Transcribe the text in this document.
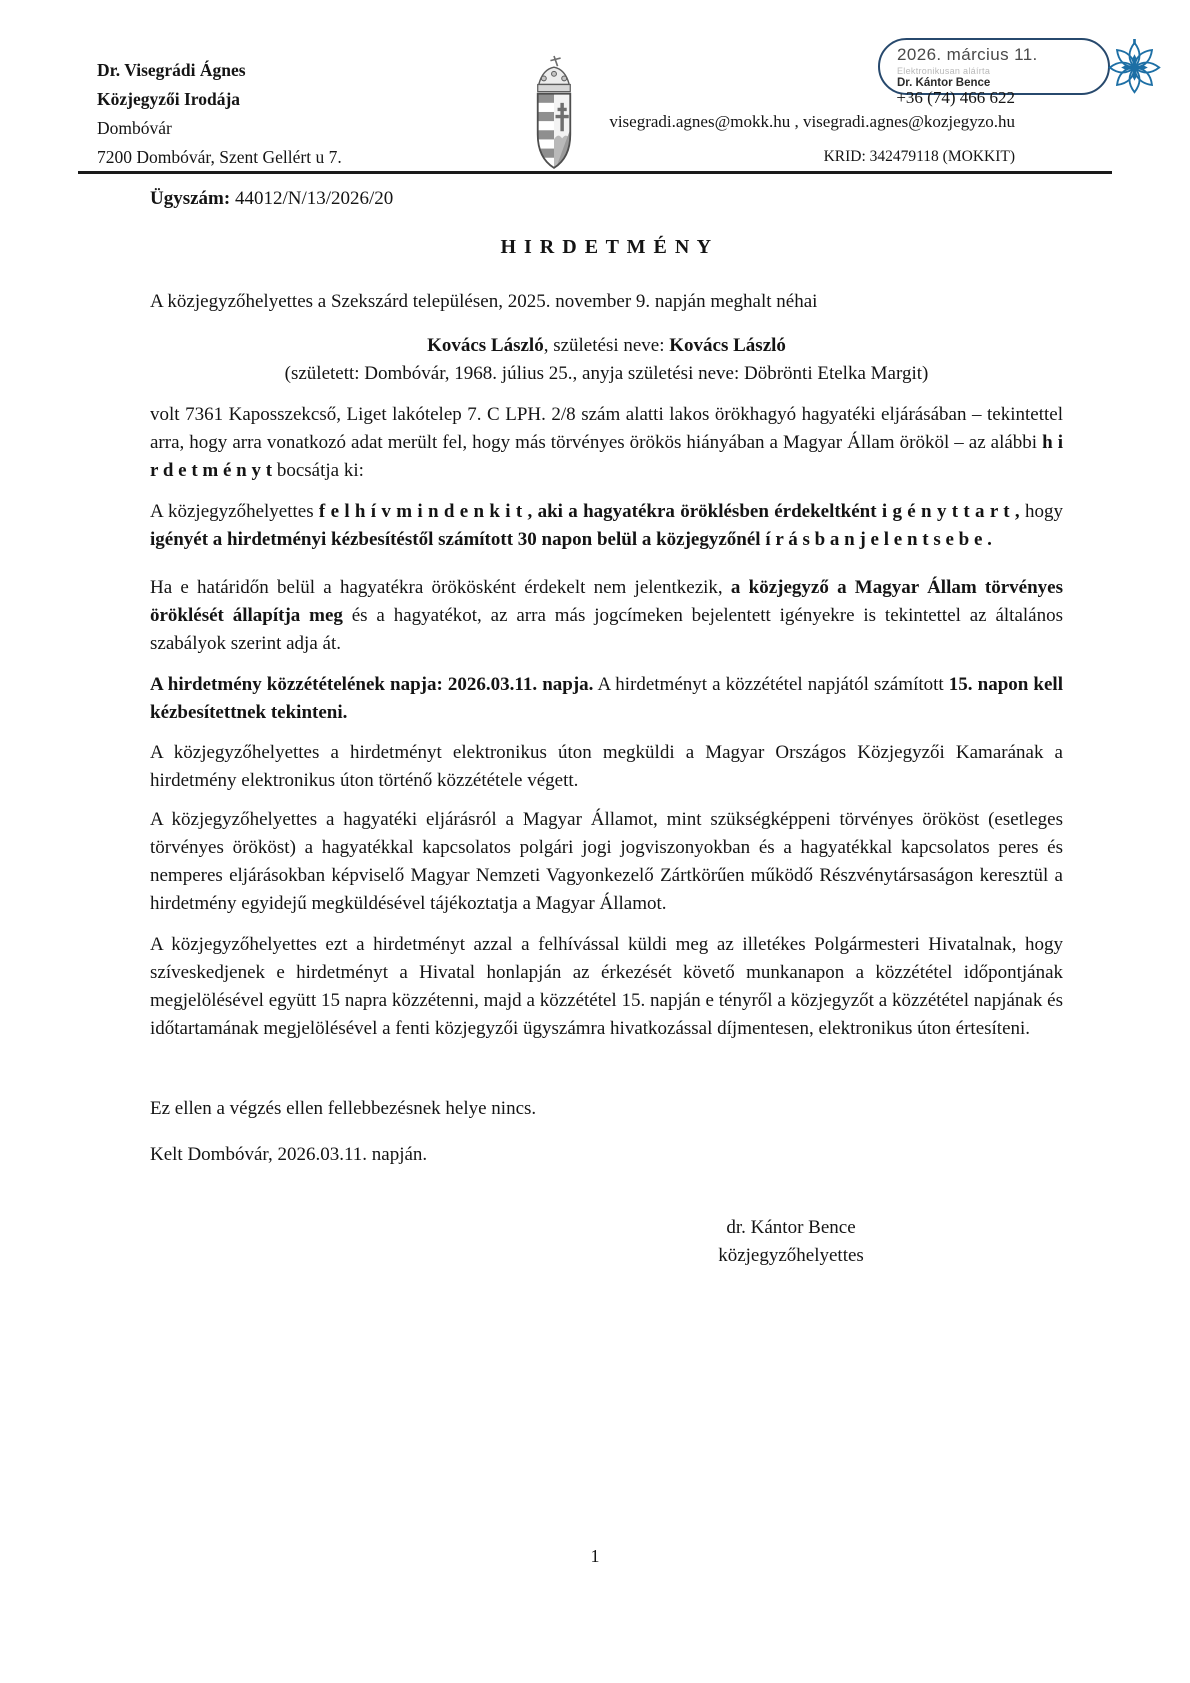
Dr. Visegrádi Ágnes
Közjegyzői Irodája
Dombóvár
7200 Dombóvár, Szent Gellért u 7.
2026. március 11.
Elektronikusan aláírta
Dr. Kántor Bence
+36 (74) 466 622
visegradi.agnes@mokk.hu , visegradi.agnes@kozjegyzo.hu
KRID: 342479118 (MOKKIT)
Ügyszám: 44012/N/13/2026/20
H I R D E T M É N Y

A közjegyzőhelyettes a Szekszárd településen, 2025. november 9. napján meghalt néhai

Kovács László, születési neve: Kovács László

(született: Dombóvár, 1968. július 25., anyja születési neve: Döbrönti Etelka Margit)

volt 7361 Kaposszekcső, Liget lakótelep 7. C LPH. 2/8 szám alatti lakos örökhagyó hagyatéki eljárásában – tekintettel arra, hogy arra vonatkozó adat merült fel, hogy más törvényes örökös hiányában a Magyar Állam örököl – az alábbi h i r d e t m é n y t bocsátja ki:

A közjegyzőhelyettes f e l h í v m i n d e n k i t , aki a hagyatékra öröklésben érdekeltként i g é n y t t a r t , hogy igényét a hirdetményi kézbesítéstől számított 30 napon belül a közjegyzőnél í r á s b a n j e l e n t s e b e .

Ha e határidőn belül a hagyatékra örökösként érdekelt nem jelentkezik, a közjegyző a Magyar Állam törvényes öröklését állapítja meg és a hagyatékot, az arra más jogcímeken bejelentett igényekre is tekintettel az általános szabályok szerint adja át.

A hirdetmény közzétételének napja: 2026.03.11. napja. A hirdetményt a közzététel napjától számított 15. napon kell kézbesítettnek tekinteni.

A közjegyzőhelyettes a hirdetményt elektronikus úton megküldi a Magyar Országos Közjegyzői Kamarának a hirdetmény elektronikus úton történő közzététele végett.

A közjegyzőhelyettes a hagyatéki eljárásról a Magyar Államot, mint szükségképpeni törvényes örököst (esetleges törvényes örököst) a hagyatékkal kapcsolatos polgári jogi jogviszonyokban és a hagyatékkal kapcsolatos peres és nemperes eljárásokban képviselő Magyar Nemzeti Vagyonkezelő Zártkörűen működő Részvénytársaságon keresztül a hirdetmény egyidejű megküldésével tájékoztatja a Magyar Államot.

A közjegyzőhelyettes ezt a hirdetményt azzal a felhívással küldi meg az illetékes Polgármesteri Hivatalnak, hogy szíveskedjenek e hirdetményt a Hivatal honlapján az érkezését követő munkanapon a közzététel időpontjának megjelölésével együtt 15 napra közzétenni, majd a közzététel 15. napján e tényről a közjegyzőt a közzététel napjának és időtartamának megjelölésével a fenti közjegyzői ügyszámra hivatkozással díjmentesen, elektronikus úton értesíteni.

Ez ellen a végzés ellen fellebbezésnek helye nincs.

Kelt Dombóvár, 2026.03.11. napján.

dr. Kántor Bence
közjegyzőhelyettes
1
